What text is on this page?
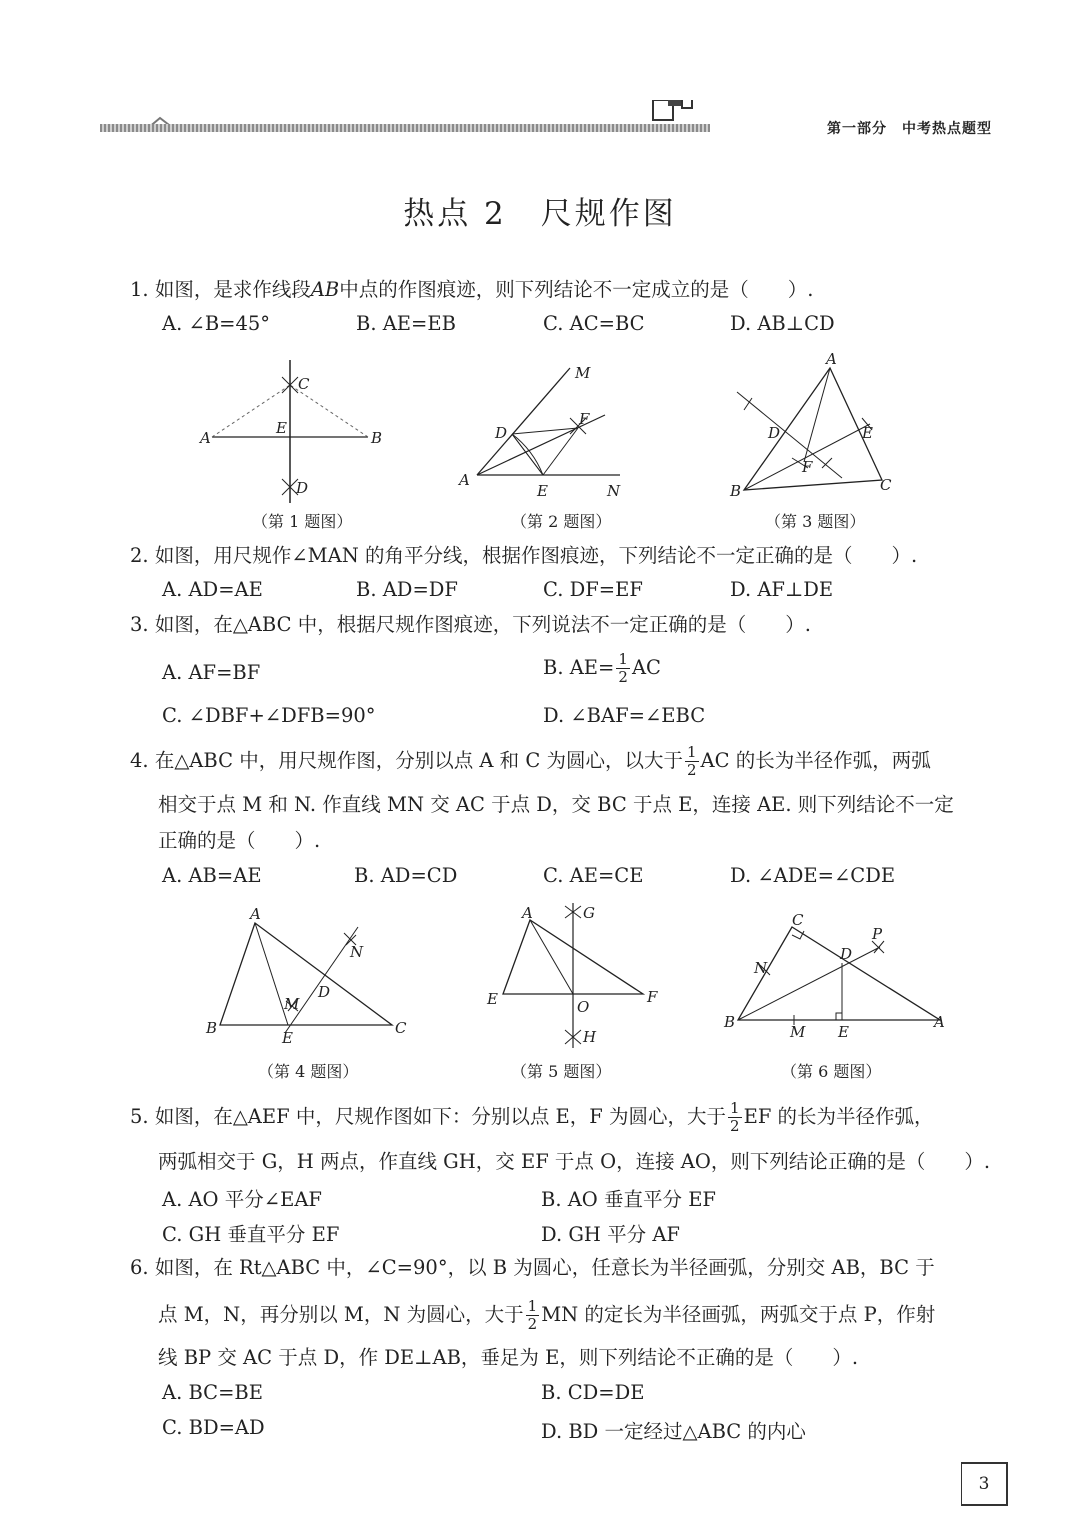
第一部分　中考热点题型
热点 2　尺规作图
1. 如图，是求作线段AB中点的作图痕迹，则下列结论不一定成立的是（　　）.
A. ∠B=45°	B. AE=EB	C. AC=BC	D. AB⊥CD
A	B
C
D
E
（第 1 题图）
M
A
D
E
F
N
（第 2 题图）
A
B	C
D	E
F
（第 3 题图）
2. 如图，用尺规作∠MAN 的角平分线，根据作图痕迹，下列结论不一定正确的是（　　）.
A. AD=AE	B. AD=DF	C. DF=EF	D. AF⊥DE
3. 如图，在△ABC 中，根据尺规作图痕迹，下列说法不一定正确的是（　　）.
A. AF=BF	B. $AE= \frac{1}{2}$ AC
C. ∠DBF+∠DFB=90°	D. ∠BAF=∠EBC
4. 在△ABC 中，用尺规作图，分别以点 A 和 C 为圆心，以大于 $\frac{1}{2}$ AC 的长为半径作弧，两弧
相交于点 M 和 N. 作直线 MN 交 AC 于点 D，交 BC 于点 E，连接 AE. 则下列结论不一定
正确的是（　　）.
A. AB=AE	B. AD=CD	C. AE=CE	D. ∠ADE=∠CDE
A
B	C
D
E
M
N
（第 4 题图）
A
E	F
G
H
O
（第 5 题图）
C
B	A
D
E
M
N
P
（第 6 题图）
5. 如图，在△AEF 中，尺规作图如下：分别以点 E，F 为圆心，大于 $\frac{1}{2}$ EF 的长为半径作弧，
两弧相交于 G，H 两点，作直线 GH，交 EF 于点 O，连接 AO，则下列结论正确的是（　　）.
A. AO 平分∠EAF	B. AO 垂直平分 EF
C. GH 垂直平分 EF	D. GH 平分 AF
6. 如图，在 Rt△ABC 中，∠C=90°，以 B 为圆心，任意长为半径画弧，分别交 AB，BC 于
点 M，N，再分别以 M，N 为圆心，大于 $\frac{1}{2}$ MN 的定长为半径画弧，两弧交于点 P，作射
线 BP 交 AC 于点 D，作 DE⊥AB，垂足为 E，则下列结论不正确的是（　　）.
A. BC=BE	B. CD=DE
C. BD=AD	D. BD 一定经过△ABC 的内心
3
